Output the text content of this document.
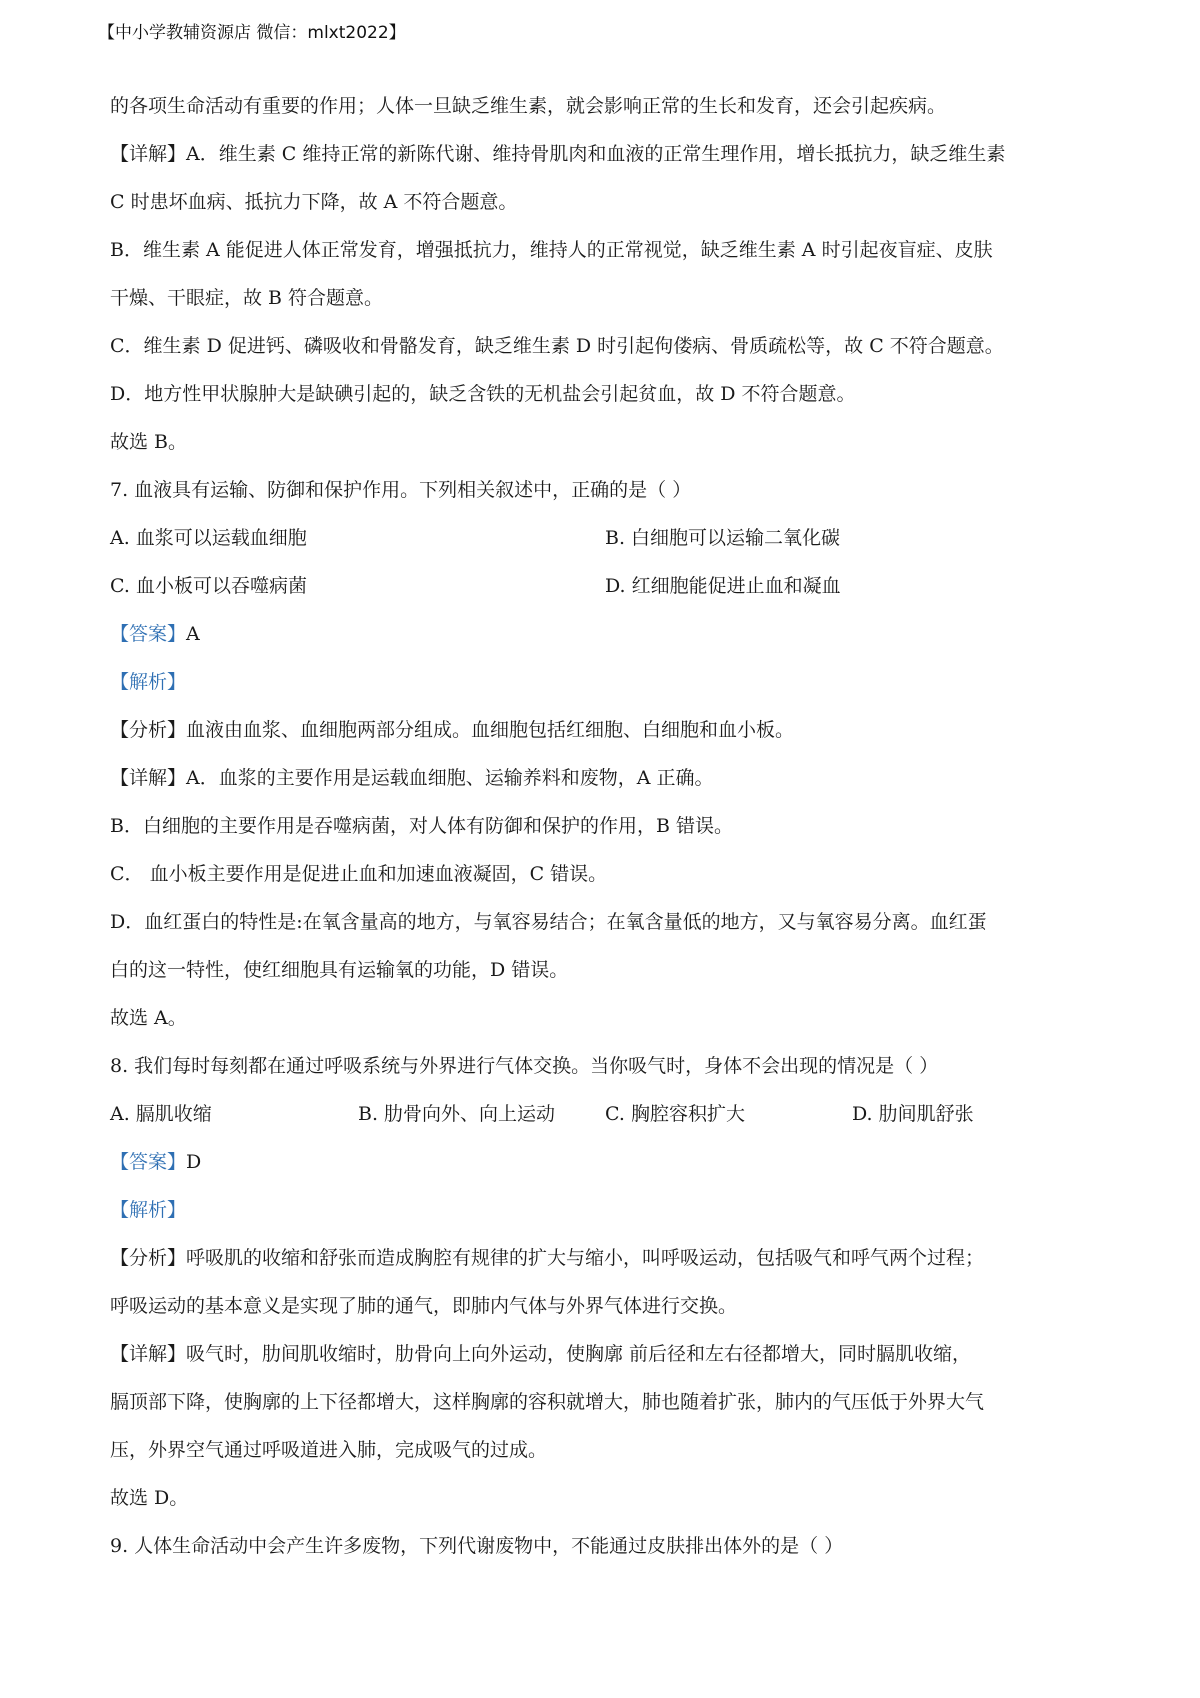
【中小学教辅资源店 微信：mlxt2022】
的各项生命活动有重要的作用；人体一旦缺乏维生素，就会影响正常的生长和发育，还会引起疾病。
【详解】A．维生素 C 维持正常的新陈代谢、维持骨肌肉和血液的正常生理作用，增长抵抗力，缺乏维生素
C 时患坏血病、抵抗力下降，故 A 不符合题意。
B．维生素 A 能促进人体正常发育，增强抵抗力，维持人的正常视觉，缺乏维生素 A 时引起夜盲症、皮肤
干燥、干眼症，故 B 符合题意。
C．维生素 D 促进钙、磷吸收和骨骼发育，缺乏维生素 D 时引起佝偻病、骨质疏松等，故 C 不符合题意。
D．地方性甲状腺肿大是缺碘引起的，缺乏含铁的无机盐会引起贫血，故 D 不符合题意。
故选 B。
7. 血液具有运输、防御和保护作用。下列相关叙述中，正确的是（ ）
A. 血浆可以运载血细胞	B. 白细胞可以运输二氧化碳
C. 血小板可以吞噬病菌	D. 红细胞能促进止血和凝血
【答案】A
【解析】
【分析】血液由血浆、血细胞两部分组成。血细胞包括红细胞、白细胞和血小板。
【详解】A．血浆的主要作用是运载血细胞、运输养料和废物，A 正确。
B．白细胞的主要作用是吞噬病菌，对人体有防御和保护的作用，B 错误。
C． 血小板主要作用是促进止血和加速血液凝固，C 错误。
D．血红蛋白的特性是:在氧含量高的地方，与氧容易结合；在氧含量低的地方，又与氧容易分离。血红蛋
白的这一特性，使红细胞具有运输氧的功能，D 错误。
故选 A。
8. 我们每时每刻都在通过呼吸系统与外界进行气体交换。当你吸气时，身体不会出现的情况是（ ）
A. 膈肌收缩	B. 肋骨向外、向上运动	C. 胸腔容积扩大	D. 肋间肌舒张
【答案】D
【解析】
【分析】呼吸肌的收缩和舒张而造成胸腔有规律的扩大与缩小，叫呼吸运动，包括吸气和呼气两个过程；
呼吸运动的基本意义是实现了肺的通气，即肺内气体与外界气体进行交换。
【详解】吸气时，肋间肌收缩时，肋骨向上向外运动，使胸廓 前后径和左右径都增大，同时膈肌收缩，
膈顶部下降，使胸廓的上下径都增大，这样胸廓的容积就增大，肺也随着扩张，肺内的气压低于外界大气
压，外界空气通过呼吸道进入肺，完成吸气的过成。
故选 D。
9. 人体生命活动中会产生许多废物，下列代谢废物中，不能通过皮肤排出体外的是（ ）
